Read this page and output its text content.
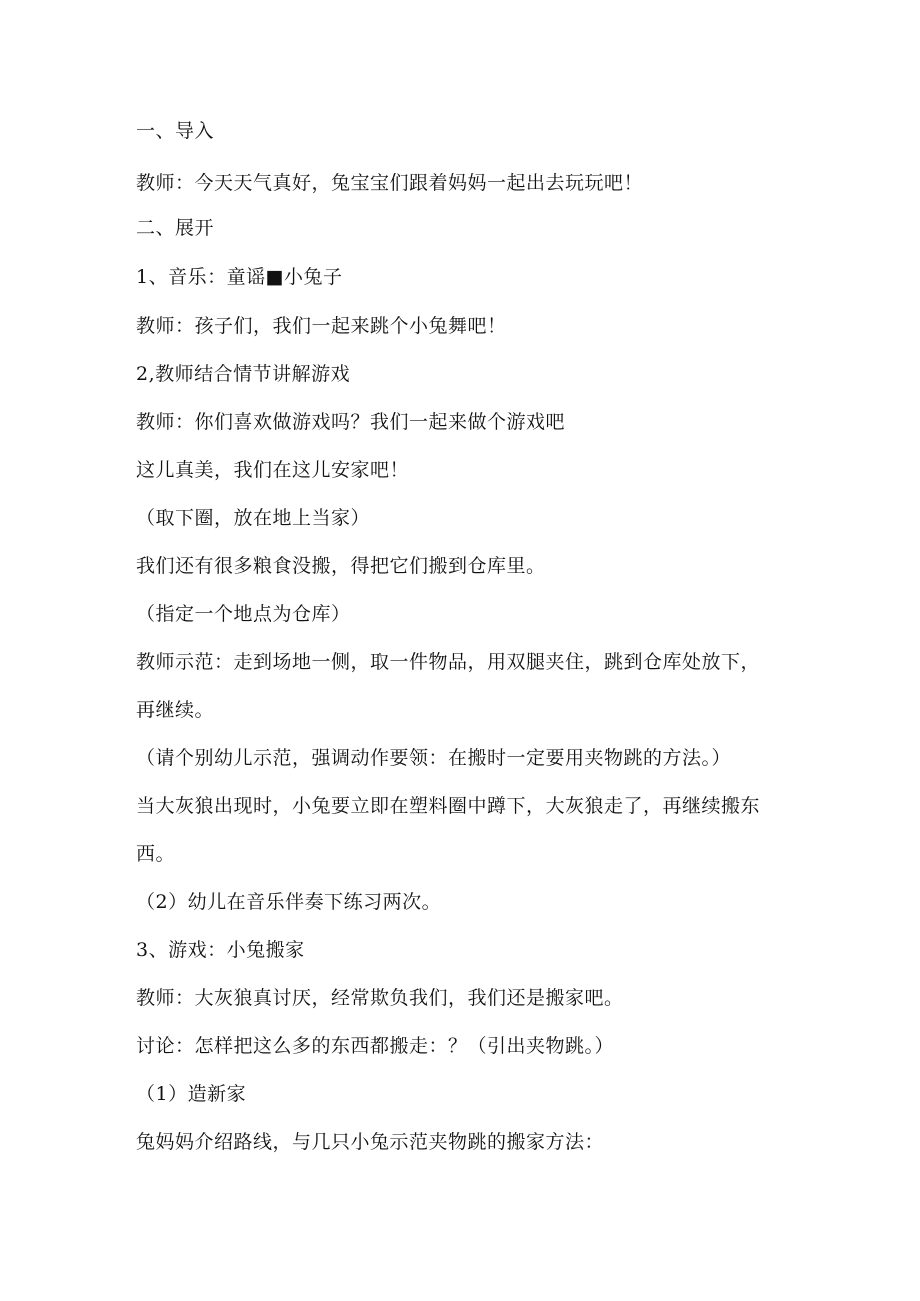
一、导入
教师：今天天气真好，兔宝宝们跟着妈妈一起出去玩玩吧！
二、展开
1、音乐：童谣■小兔子
教师：孩子们，我们一起来跳个小兔舞吧！
2,教师结合情节讲解游戏
教师：你们喜欢做游戏吗？我们一起来做个游戏吧
这儿真美，我们在这儿安家吧！
（取下圈，放在地上当家）
我们还有很多粮食没搬，得把它们搬到仓库里。
（指定一个地点为仓库）
教师示范：走到场地一侧，取一件物品，用双腿夹住，跳到仓库处放下，
再继续。
（请个别幼儿示范，强调动作要领：在搬时一定要用夹物跳的方法。）
当大灰狼出现时，小兔要立即在塑料圈中蹲下，大灰狼走了，再继续搬东
西。
（2）幼儿在音乐伴奏下练习两次。
3、游戏：小兔搬家
教师：大灰狼真讨厌，经常欺负我们，我们还是搬家吧。
讨论：怎样把这么多的东西都搬走：？（引出夹物跳。）
（1）造新家
兔妈妈介绍路线，与几只小兔示范夹物跳的搬家方法：
